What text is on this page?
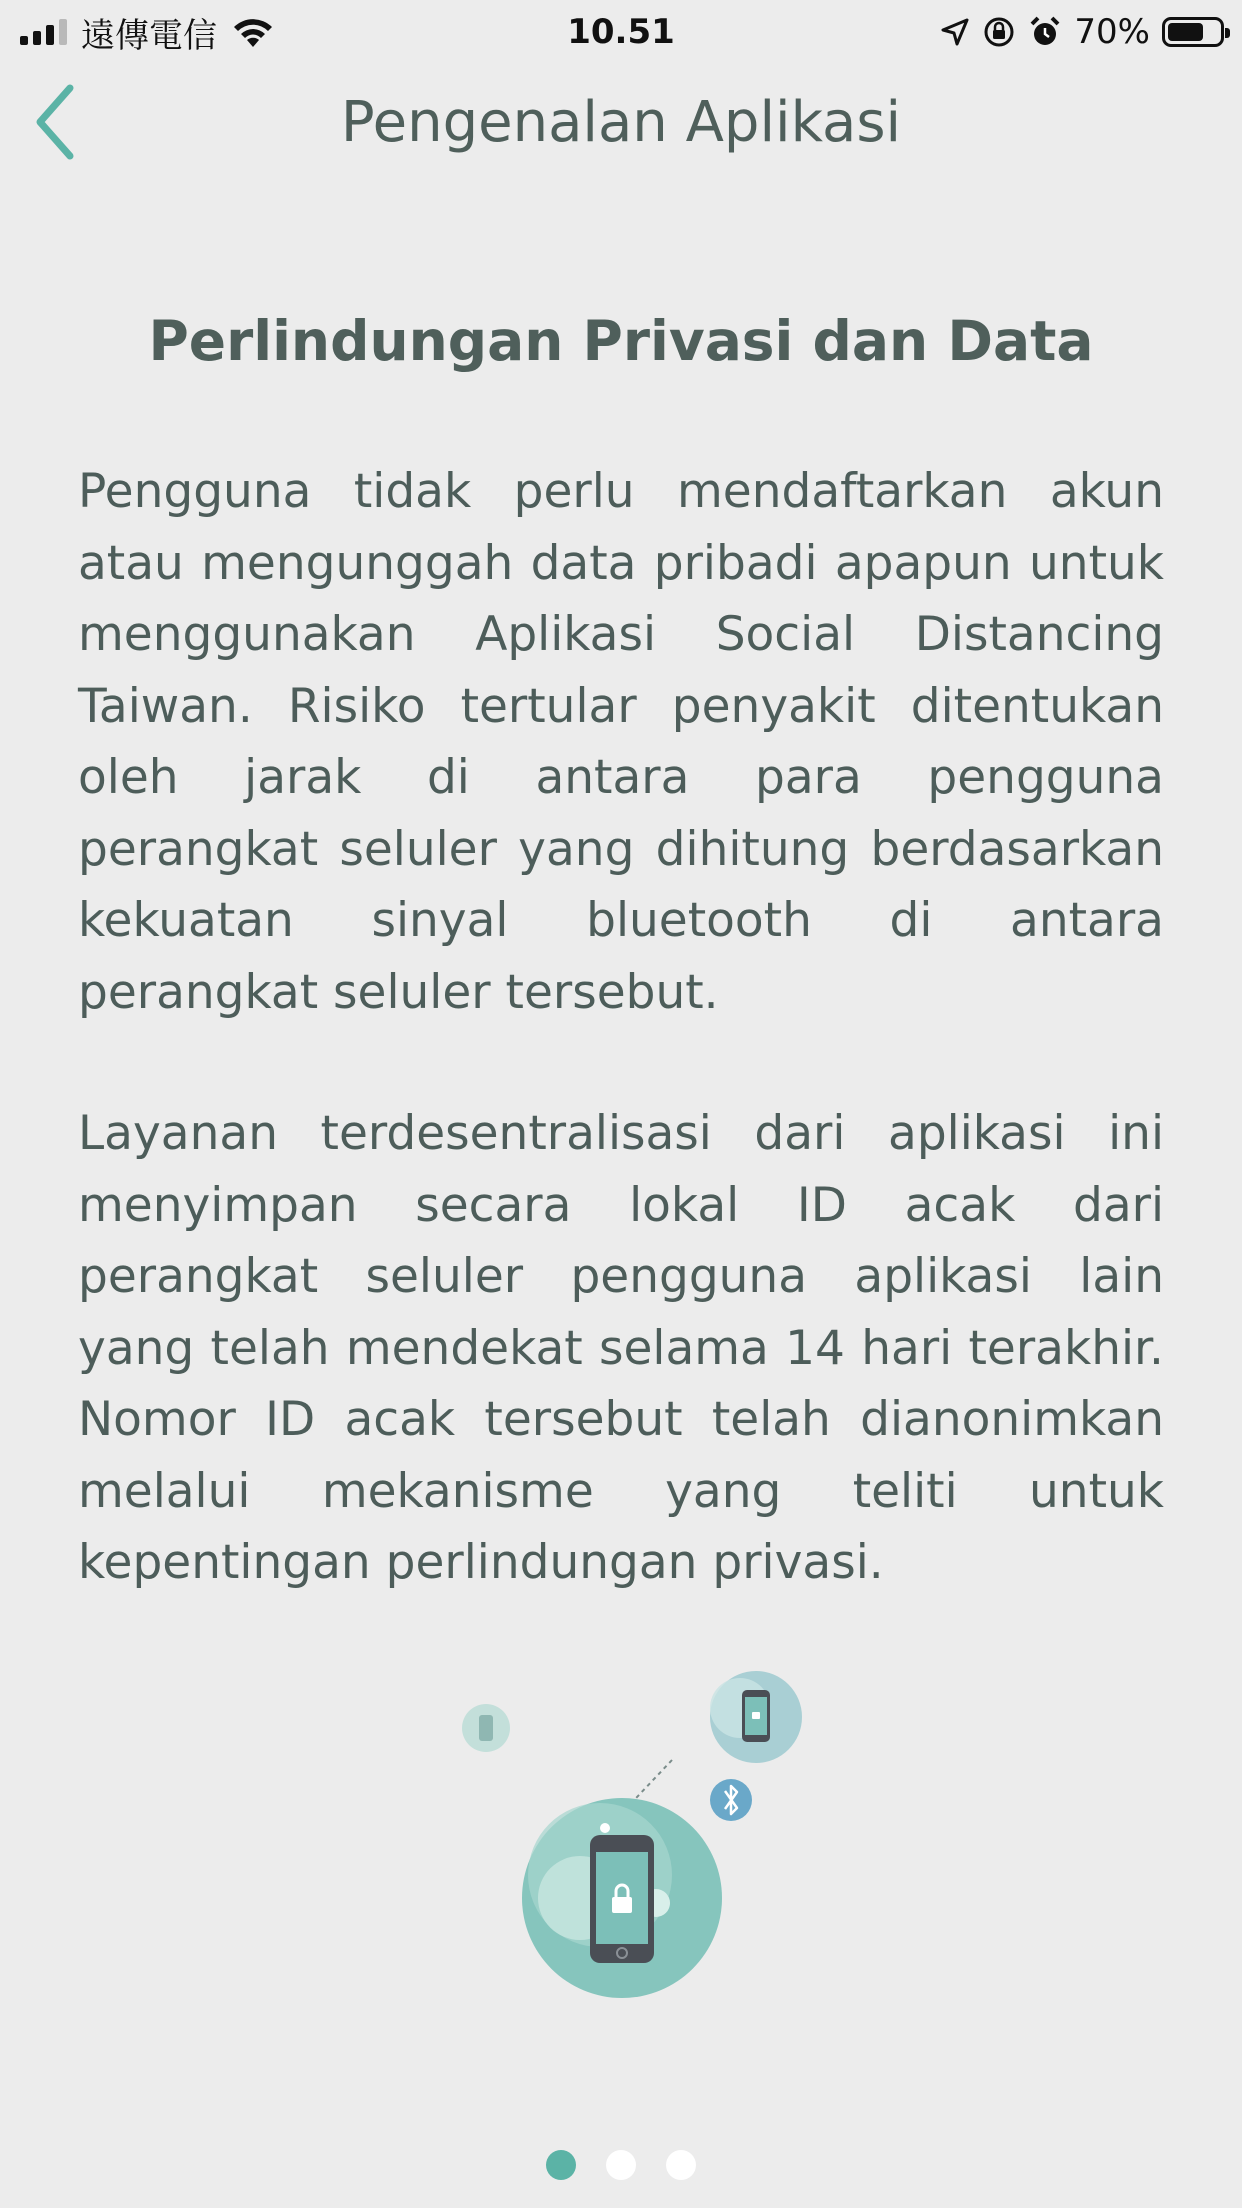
遠傳電信	10.51	70%
Pengenalan Aplikasi
Perlindungan Privasi dan Data

Pengguna tidak perlu mendaftarkan akun atau mengunggah data pribadi apapun untuk menggunakan Aplikasi Social Distancing Taiwan. Risiko tertular penyakit ditentukan oleh jarak di antara para pengguna perangkat seluler yang dihitung berdasarkan kekuatan sinyal bluetooth di antara perangkat seluler tersebut.

Layanan terdesentralisasi dari aplikasi ini menyimpan secara lokal ID acak dari perangkat seluler pengguna aplikasi lain yang telah mendekat selama 14 hari terakhir. Nomor ID acak tersebut telah dianonimkan melalui mekanisme yang teliti untuk kepentingan perlindungan privasi.
